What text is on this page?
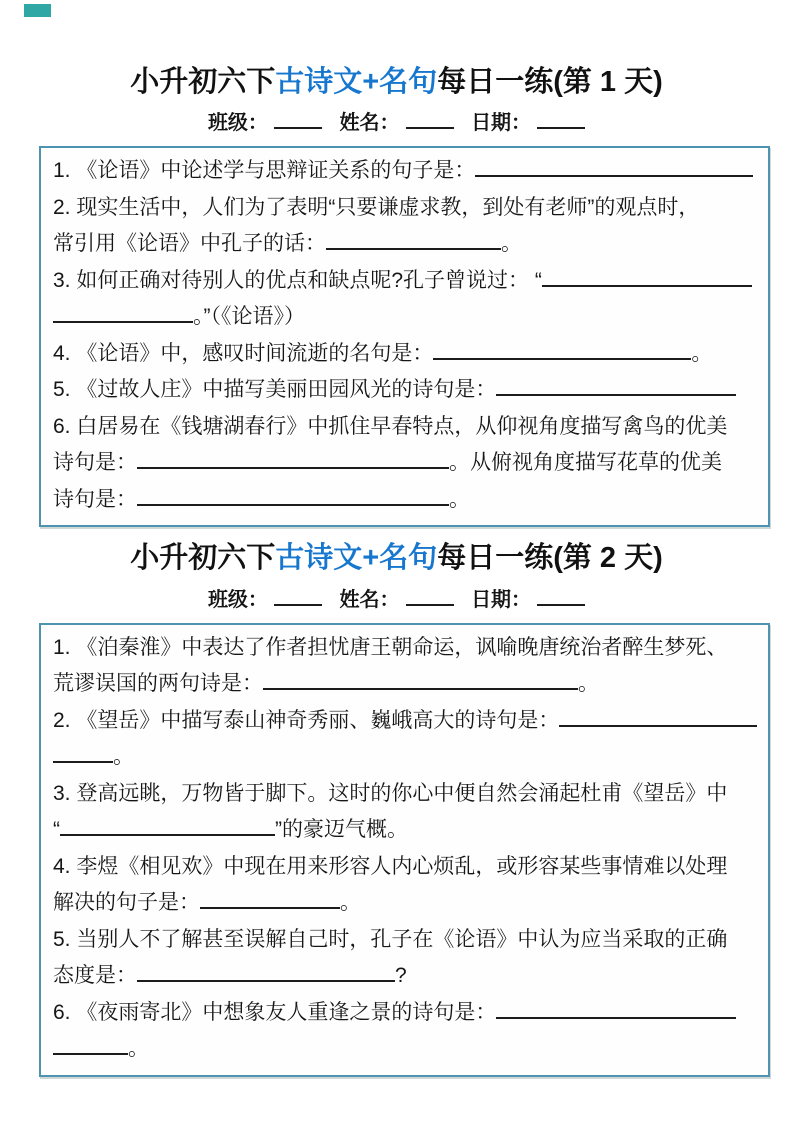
小升初六下古诗文+名句每日一练(第 1 天)
班级：	姓名：	日期：
1. 《论语》中论述学与思辩证关系的句子是：
2. 现实生活中，人们为了表明“只要谦虚求教，到处有老师”的观点时，
常引用《论语》中孔子的话：	。
3. 如何正确对待别人的优点和缺点呢?孔子曾说过： “
。”（《论语》）
4. 《论语》中，感叹时间流逝的名句是：	。
5. 《过故人庄》中描写美丽田园风光的诗句是：
6. 白居易在《钱塘湖春行》中抓住早春特点，从仰视角度描写禽鸟的优美
诗句是：	。从俯视角度描写花草的优美
诗句是：	。
小升初六下古诗文+名句每日一练(第 2 天)
班级：	姓名：	日期：
1. 《泊秦淮》中表达了作者担忧唐王朝命运，讽喻晚唐统治者醉生梦死、
荒谬误国的两句诗是：	。
2. 《望岳》中描写泰山神奇秀丽、巍峨高大的诗句是：
。
3. 登高远眺，万物皆于脚下。这时的你心中便自然会涌起杜甫《望岳》中
“	”的豪迈气概。
4. 李煜《相见欢》中现在用来形容人内心烦乱，或形容某些事情难以处理
解决的句子是：	。
5. 当别人不了解甚至误解自己时，孔子在《论语》中认为应当采取的正确
态度是：	?
6. 《夜雨寄北》中想象友人重逢之景的诗句是：
。
